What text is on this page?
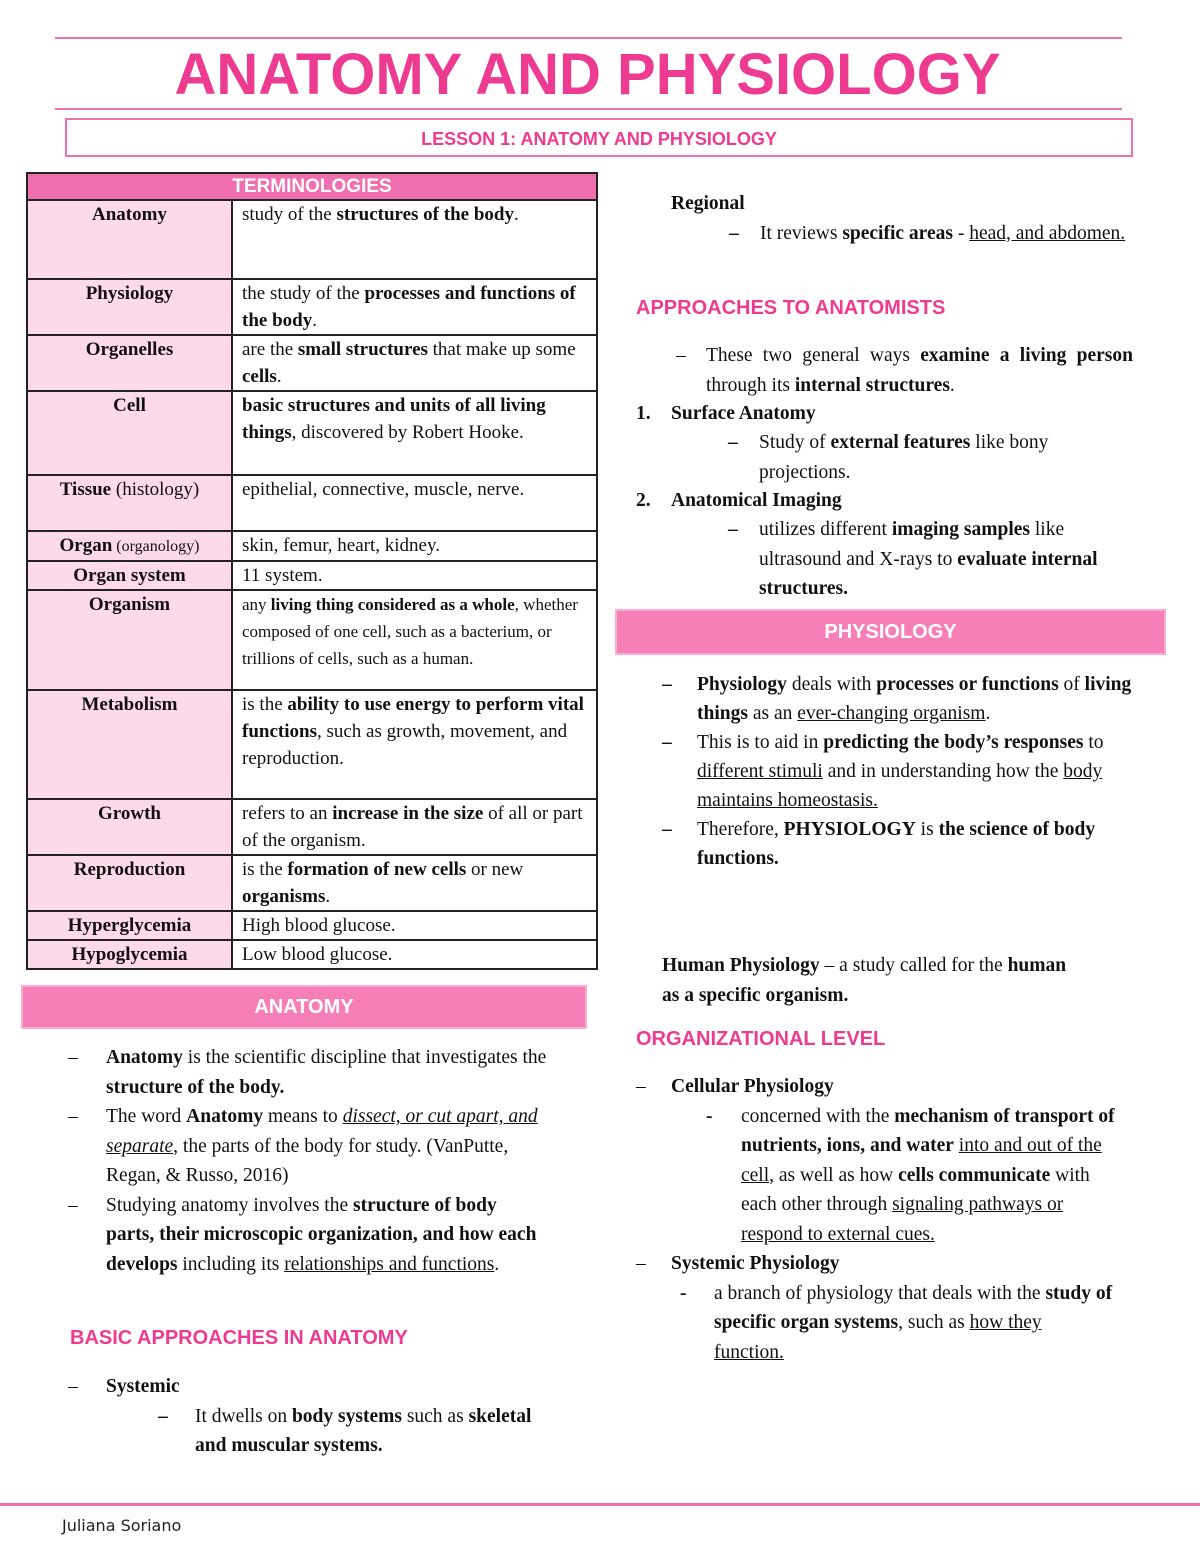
ANATOMY AND PHYSIOLOGY
LESSON 1: ANATOMY AND PHYSIOLOGY
TERMINOLOGIES	
Anatomy	study of the structures of the body.
Physiology	the study of the processes and functions of the body.
Organelles	are the small structures that make up some cells.
Cell	basic structures and units of all living things, discovered by Robert Hooke.
Tissue (histology)	epithelial, connective, muscle, nerve.
Organ (organology)	skin, femur, heart, kidney.
Organ system	11 system.
Organism	any living thing considered as a whole, whether composed of one cell, such as a bacterium, or trillions of cells, such as a human.
Metabolism	is the ability to use energy to perform vital functions, such as growth, movement, and reproduction.
Growth	refers to an increase in the size of all or part of the organism.
Reproduction	is the formation of new cells or new organisms.
Hyperglycemia	High blood glucose.
Hypoglycemia	Low blood glucose.
ANATOMY
– Anatomy is the scientific discipline that investigates the structure of the body.
– The word Anatomy means to dissect, or cut apart, and separate, the parts of the body for study. (VanPutte, Regan, & Russo, 2016)
– Studying anatomy involves the structure of body parts, their microscopic organization, and how each develops including its relationships and functions.
BASIC APPROACHES IN ANATOMY
– Systemic
– It dwells on body systems such as skeletal and muscular systems.
Regional
– It reviews specific areas - head, and abdomen.
APPROACHES TO ANATOMISTS
– These two general ways examine a living person through its internal structures.
1. Surface Anatomy
– Study of external features like bony projections.
2. Anatomical Imaging
– utilizes different imaging samples like ultrasound and X-rays to evaluate internal structures.
PHYSIOLOGY
– Physiology deals with processes or functions of living things as an ever-changing organism.
– This is to aid in predicting the body’s responses to different stimuli and in understanding how the body maintains homeostasis.
– Therefore, PHYSIOLOGY is the science of body functions.
Human Physiology – a study called for the human as a specific organism.
ORGANIZATIONAL LEVEL
– Cellular Physiology
- concerned with the mechanism of transport of nutrients, ions, and water into and out of the cell, as well as how cells communicate with each other through signaling pathways or respond to external cues.
– Systemic Physiology
- a branch of physiology that deals with the study of specific organ systems, such as how they function.
Juliana Soriano
